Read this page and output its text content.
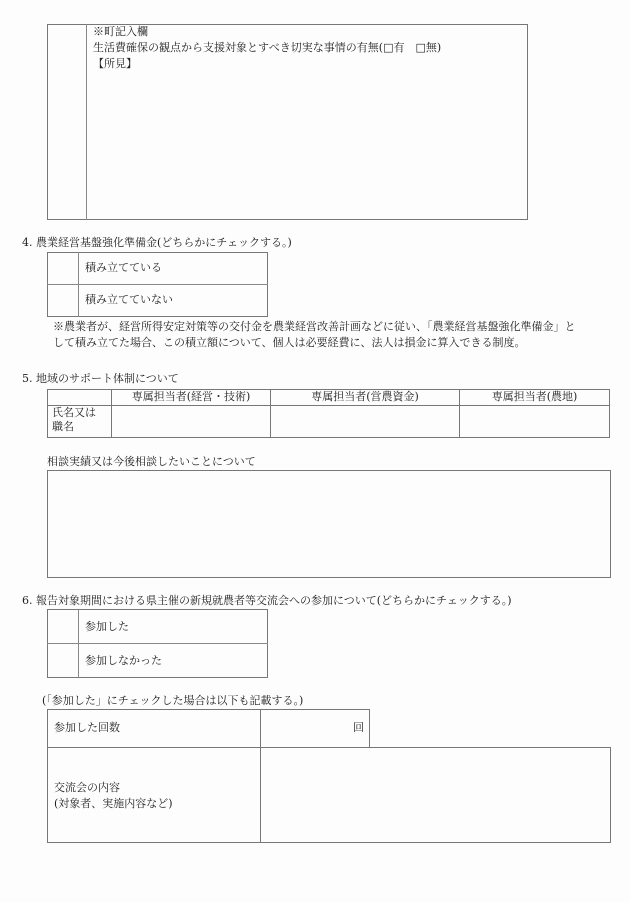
※町記入欄
生活費確保の観点から支援対象とすべき切実な事情の有無(□有　□無)
【所見】
4. 農業経営基盤強化準備金(どちらかにチェックする。)
積み立てている
積み立てていない
※農業者が、経営所得安定対策等の交付金を農業経営改善計画などに従い、「農業経営基盤強化準備金」と
して積み立てた場合、この積立額について、個人は必要経費に、法人は損金に算入できる制度。
5. 地域のサポート体制について
	専属担当者(経営・技術)	専属担当者(営農資金)	専属担当者(農地)

氏名又は
職名			

相談実績又は今後相談したいことについて
6. 報告対象期間における県主催の新規就農者等交流会への参加について(どちらかにチェックする。)
参加した
参加しなかった
(「参加した」にチェックした場合は以下も記載する。)
参加した回数	回
交流会の内容
(対象者、実施内容など)
